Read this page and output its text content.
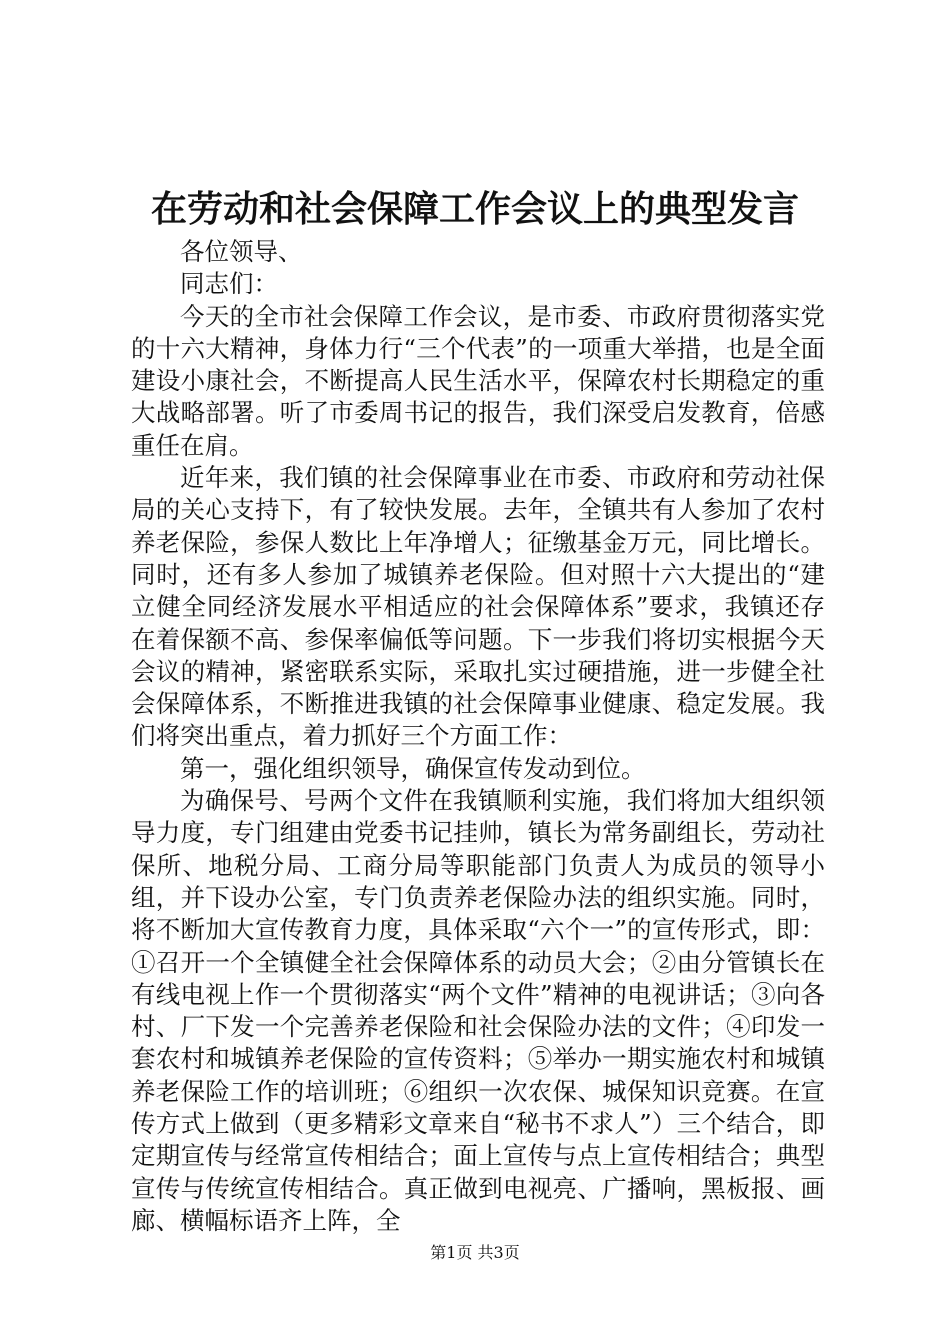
在劳动和社会保障工作会议上的典型发言

各位领导、

同志们：

今天的全市社会保障工作会议，是市委、市政府贯彻落实党的十六大精神，身体力行“三个代表”的一项重大举措，也是全面建设小康社会，不断提高人民生活水平，保障农村长期稳定的重大战略部署。听了市委周书记的报告，我们深受启发教育，倍感重任在肩。

近年来，我们镇的社会保障事业在市委、市政府和劳动社保局的关心支持下，有了较快发展。去年，全镇共有人参加了农村养老保险，参保人数比上年净增人；征缴基金万元，同比增长。同时，还有多人参加了城镇养老保险。但对照十六大提出的“建立健全同经济发展水平相适应的社会保障体系”要求，我镇还存在着保额不高、参保率偏低等问题。下一步我们将切实根据今天会议的精神，紧密联系实际，采取扎实过硬措施，进一步健全社会保障体系，不断推进我镇的社会保障事业健康、稳定发展。我们将突出重点，着力抓好三个方面工作：

第一，强化组织领导，确保宣传发动到位。

为确保号、号两个文件在我镇顺利实施，我们将加大组织领导力度，专门组建由党委书记挂帅，镇长为常务副组长，劳动社保所、地税分局、工商分局等职能部门负责人为成员的领导小组，并下设办公室，专门负责养老保险办法的组织实施。同时，将不断加大宣传教育力度，具体采取“六个一”的宣传形式，即：①召开一个全镇健全社会保障体系的动员大会；②由分管镇长在有线电视上作一个贯彻落实“两个文件”精神的电视讲话；③向各村、厂下发一个完善养老保险和社会保险办法的文件；④印发一套农村和城镇养老保险的宣传资料；⑤举办一期实施农村和城镇养老保险工作的培训班；⑥组织一次农保、城保知识竞赛。在宣传方式上做到（更多精彩文章来自“秘书不求人”）三个结合，即定期宣传与经常宣传相结合；面上宣传与点上宣传相结合；典型宣传与传统宣传相结合。真正做到电视亮、广播响，黑板报、画廊、横幅标语齐上阵，全

第1页 共3页
